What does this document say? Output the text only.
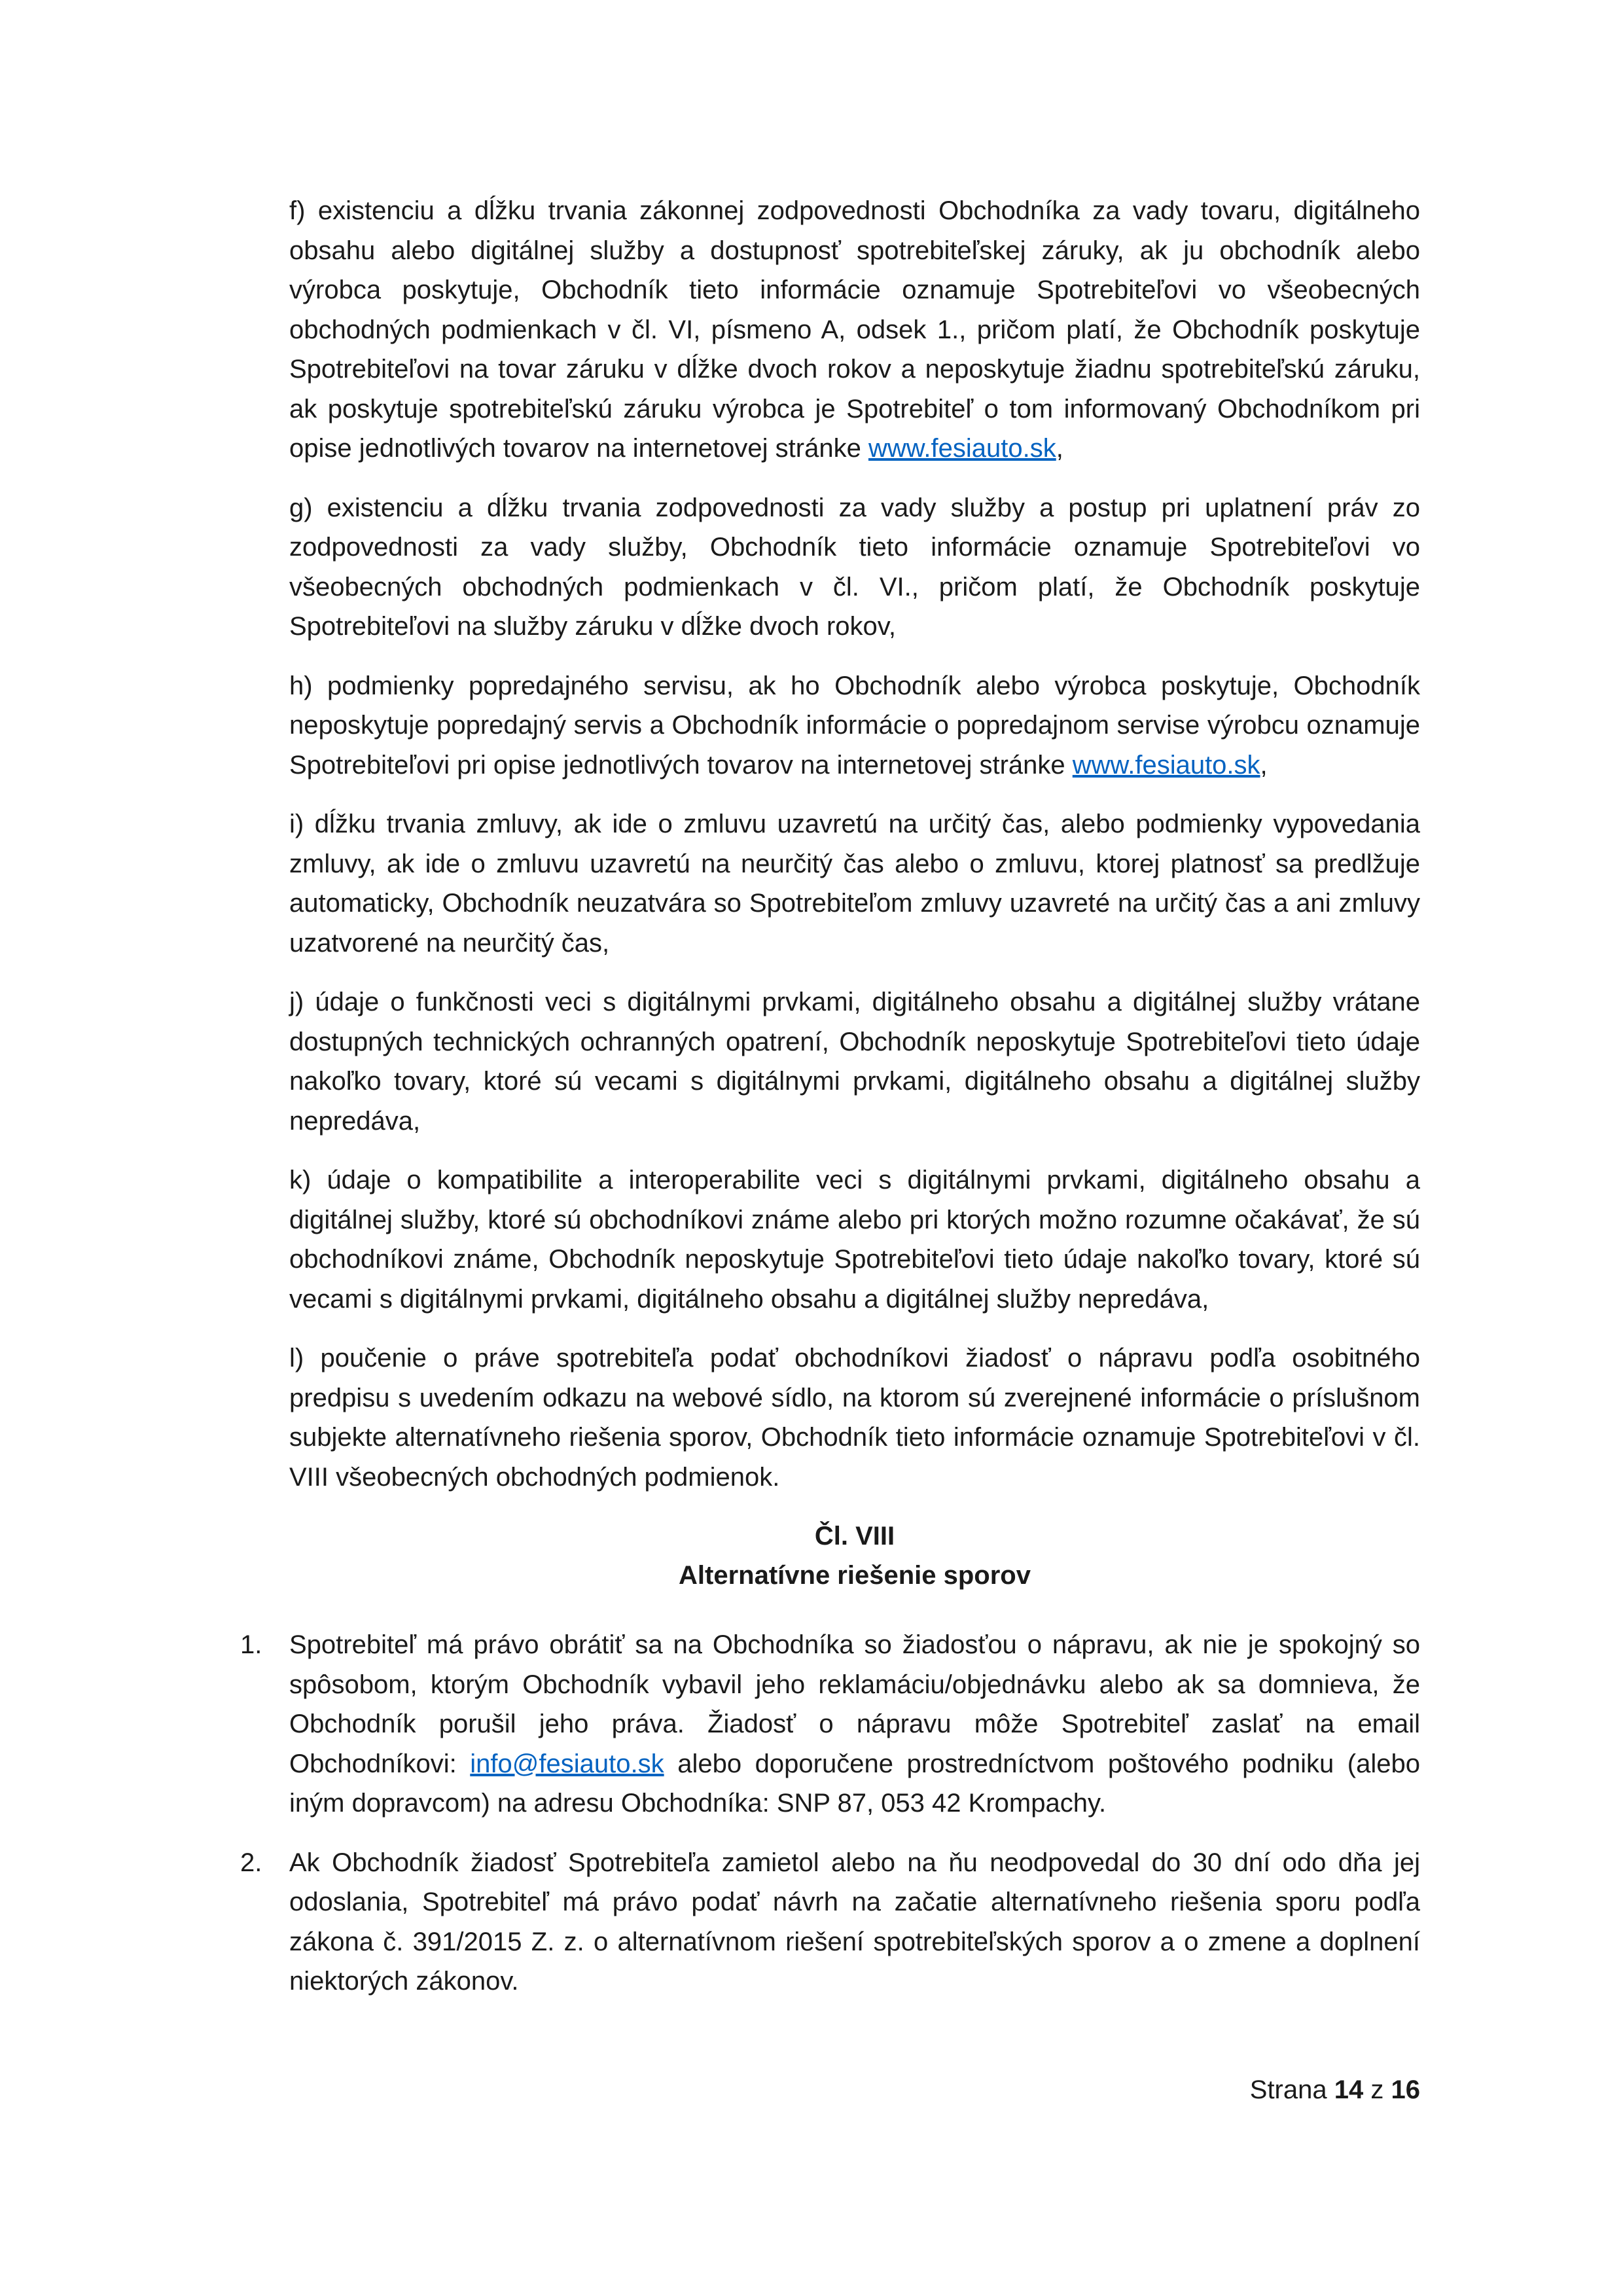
f) existenciu a dĺžku trvania zákonnej zodpovednosti Obchodníka za vady tovaru, digitálneho obsahu alebo digitálnej služby a dostupnosť spotrebiteľskej záruky, ak ju obchodník alebo výrobca poskytuje, Obchodník tieto informácie oznamuje Spotrebiteľovi vo všeobecných obchodných podmienkach v čl. VI, písmeno A, odsek 1., pričom platí, že Obchodník poskytuje Spotrebiteľovi na tovar záruku v dĺžke dvoch rokov a neposkytuje žiadnu spotrebiteľskú záruku, ak poskytuje spotrebiteľskú záruku výrobca je Spotrebiteľ o tom informovaný Obchodníkom pri opise jednotlivých tovarov na internetovej stránke www.fesiauto.sk,

g) existenciu a dĺžku trvania zodpovednosti za vady služby a postup pri uplatnení práv zo zodpovednosti za vady služby, Obchodník tieto informácie oznamuje Spotrebiteľovi vo všeobecných obchodných podmienkach v čl. VI., pričom platí, že Obchodník poskytuje Spotrebiteľovi na služby záruku v dĺžke dvoch rokov,

h) podmienky popredajného servisu, ak ho Obchodník alebo výrobca poskytuje, Obchodník neposkytuje popredajný servis a Obchodník informácie o popredajnom servise výrobcu oznamuje Spotrebiteľovi pri opise jednotlivých tovarov na internetovej stránke www.fesiauto.sk,

i) dĺžku trvania zmluvy, ak ide o zmluvu uzavretú na určitý čas, alebo podmienky vypovedania zmluvy, ak ide o zmluvu uzavretú na neurčitý čas alebo o zmluvu, ktorej platnosť sa predlžuje automaticky, Obchodník neuzatvára so Spotrebiteľom zmluvy uzavreté na určitý čas a ani zmluvy uzatvorené na neurčitý čas,

j) údaje o funkčnosti veci s digitálnymi prvkami, digitálneho obsahu a digitálnej služby vrátane dostupných technických ochranných opatrení, Obchodník neposkytuje Spotrebiteľovi tieto údaje nakoľko tovary, ktoré sú vecami s digitálnymi prvkami, digitálneho obsahu a digitálnej služby nepredáva,

k) údaje o kompatibilite a interoperabilite veci s digitálnymi prvkami, digitálneho obsahu a digitálnej služby, ktoré sú obchodníkovi známe alebo pri ktorých možno rozumne očakávať, že sú obchodníkovi známe, Obchodník neposkytuje Spotrebiteľovi tieto údaje nakoľko tovary, ktoré sú vecami s digitálnymi prvkami, digitálneho obsahu a digitálnej služby nepredáva,

l) poučenie o práve spotrebiteľa podať obchodníkovi žiadosť o nápravu podľa osobitného predpisu s uvedením odkazu na webové sídlo, na ktorom sú zverejnené informácie o príslušnom subjekte alternatívneho riešenia sporov, Obchodník tieto informácie oznamuje Spotrebiteľovi v čl. VIII všeobecných obchodných podmienok.

Čl. VIII
Alternatívne riešenie sporov
1. Spotrebiteľ má právo obrátiť sa na Obchodníka so žiadosťou o nápravu, ak nie je spokojný so spôsobom, ktorým Obchodník vybavil jeho reklamáciu/objednávku alebo ak sa domnieva, že Obchodník porušil jeho práva. Žiadosť o nápravu môže Spotrebiteľ zaslať na email Obchodníkovi: info@fesiauto.sk alebo doporučene prostredníctvom poštového podniku (alebo iným dopravcom) na adresu Obchodníka: SNP 87, 053 42 Krompachy.
2. Ak Obchodník žiadosť Spotrebiteľa zamietol alebo na ňu neodpovedal do 30 dní odo dňa jej odoslania, Spotrebiteľ má právo podať návrh na začatie alternatívneho riešenia sporu podľa zákona č. 391/2015 Z. z. o alternatívnom riešení spotrebiteľských sporov a o zmene a doplnení niektorých zákonov.
Strana 14 z 16
